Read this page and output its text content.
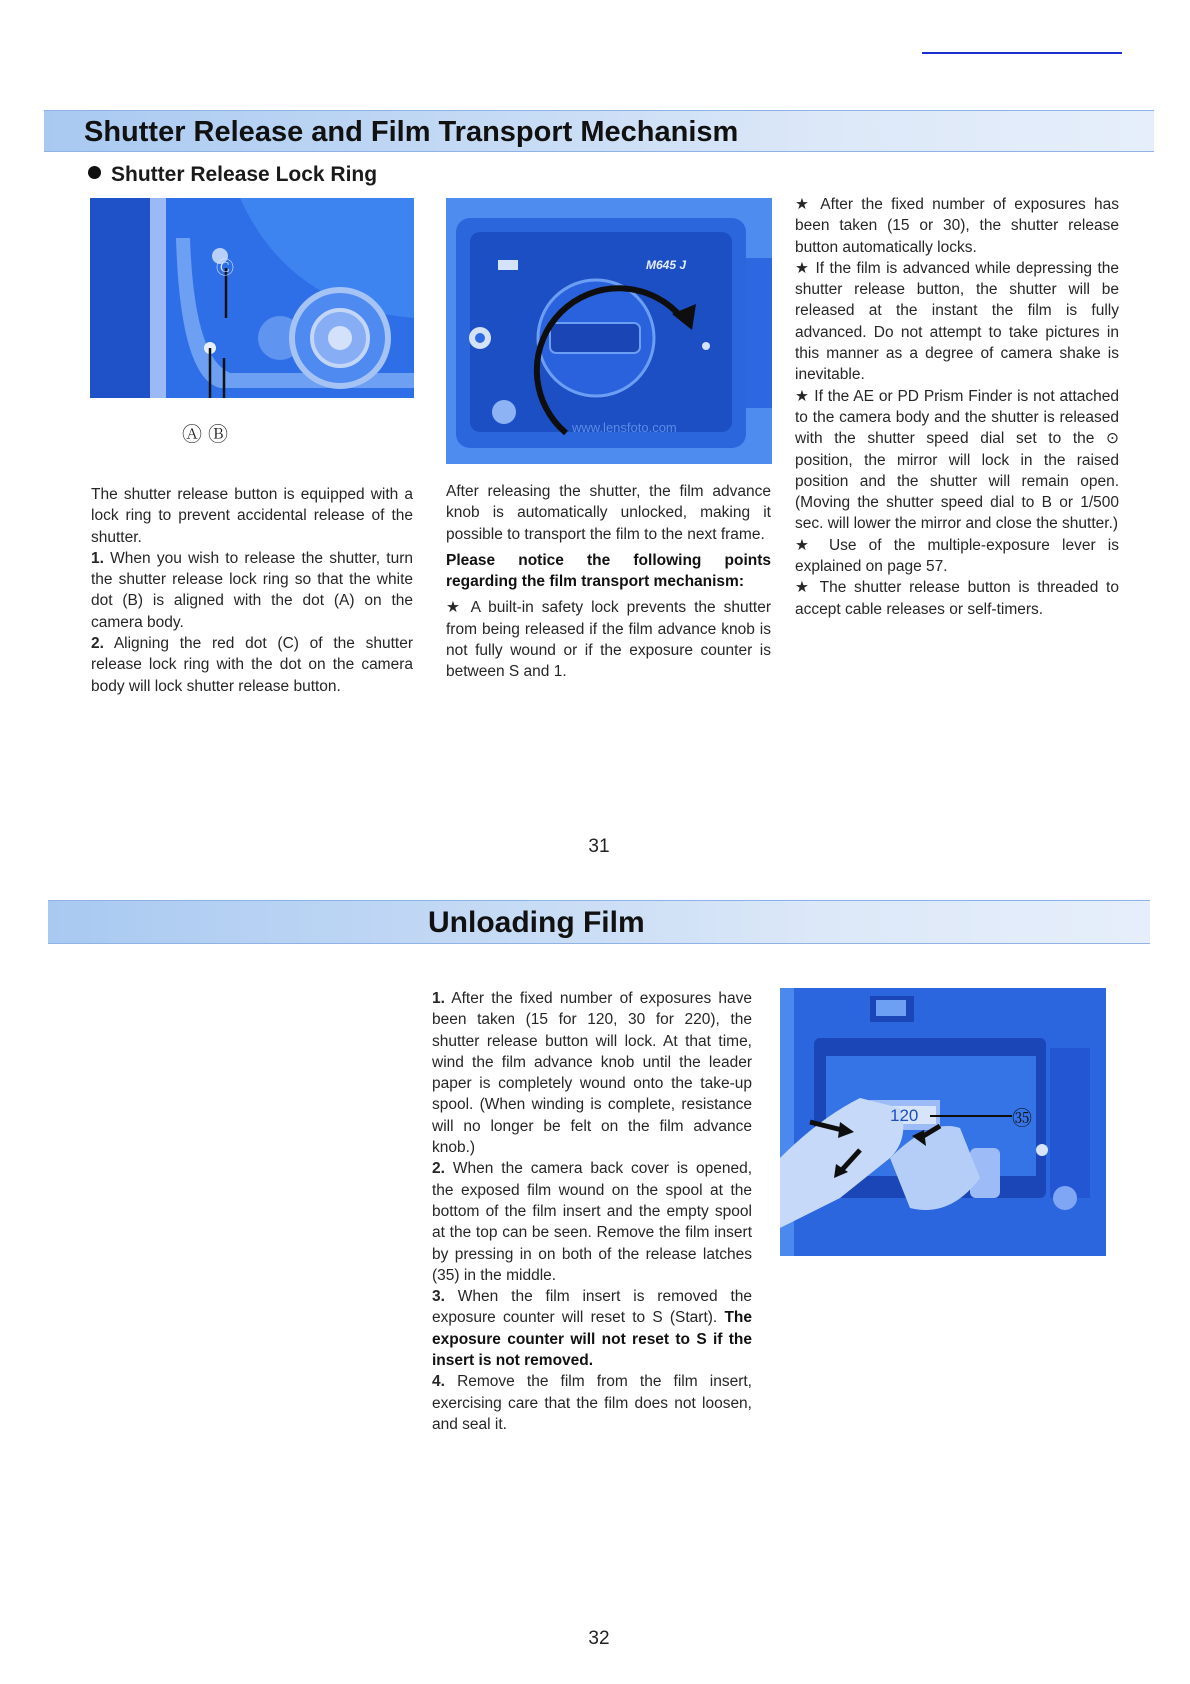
Shutter Release and Film Transport Mechanism
Shutter Release Lock Ring
Ⓐ Ⓑ
Ⓒ	M645 J
www.lensfoto.com

The shutter release button is equipped with a lock ring to prevent accidental release of the shutter.

1. When you wish to release the shutter, turn the shutter release lock ring so that the white dot (B) is aligned with the dot (A) on the camera body.

2. Aligning the red dot (C) of the shutter release lock ring with the dot on the camera body will lock shutter release button.

After releasing the shutter, the film advance knob is automatically unlocked, making it possible to transport the film to the next frame.

Please notice the following points regarding the film transport mechanism:

★ A built-in safety lock prevents the shutter from being released if the film advance knob is not fully wound or if the exposure counter is between S and 1.

★ After the fixed number of exposures has been taken (15 or 30), the shutter release button automatically locks.

★ If the film is advanced while depressing the shutter release button, the shutter will be released at the instant the film is fully advanced. Do not attempt to take pictures in this manner as a degree of camera shake is inevitable.

★ If the AE or PD Prism Finder is not attached to the camera body and the shutter is released with the shutter speed dial set to the ⊙ position, the mirror will lock in the raised position and the shutter will remain open. (Moving the shutter speed dial to B or 1/500 sec. will lower the mirror and close the shutter.)

★ Use of the multiple-exposure lever is explained on page 57.

★ The shutter release button is threaded to accept cable releases or self-timers.

31
Unloading Film

1. After the fixed number of exposures have been taken (15 for 120, 30 for 220), the shutter release button will lock. At that time, wind the film advance knob until the leader paper is completely wound onto the take-up spool. (When winding is complete, resistance will no longer be felt on the film advance knob.)

2. When the camera back cover is opened, the exposed film wound on the spool at the bottom of the film insert and the empty spool at the top can be seen. Remove the film insert by pressing in on both of the release latches (35) in the middle.

3. When the film insert is removed the exposure counter will reset to S (Start). The exposure counter will not reset to S if the insert is not removed.

4. Remove the film from the film insert, exercising care that the film does not loosen, and seal it.

120	㉟
32
